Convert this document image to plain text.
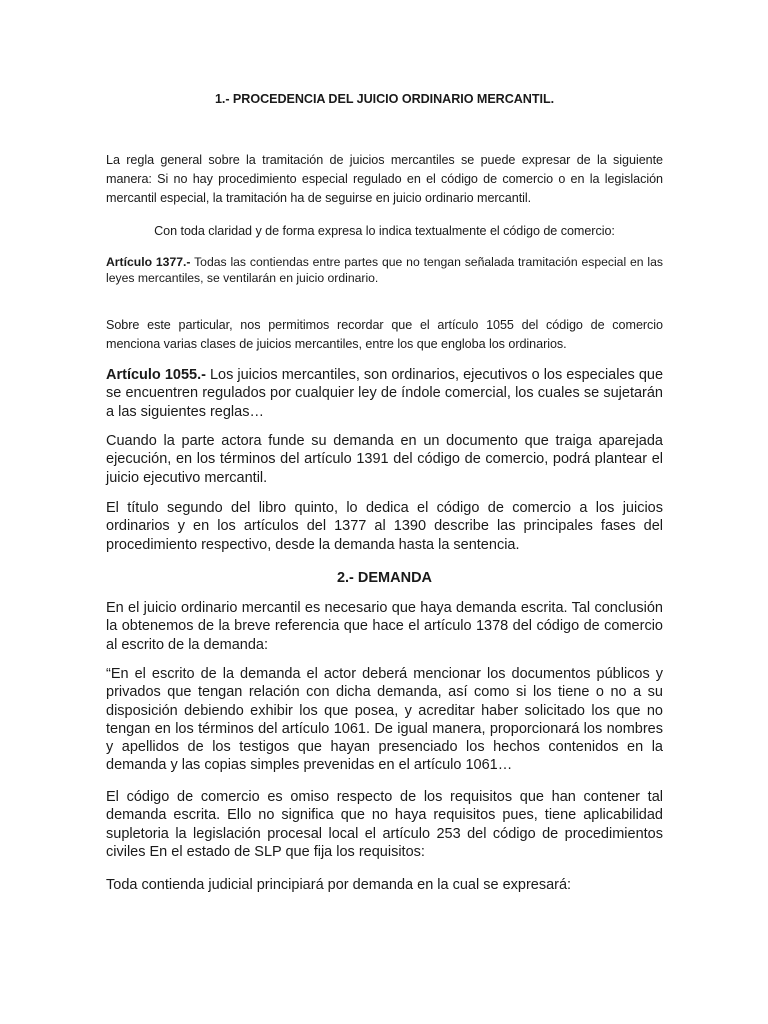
1.- PROCEDENCIA DEL JUICIO ORDINARIO MERCANTIL.

La regla general sobre la tramitación de juicios mercantiles se puede expresar de la siguiente manera: Si no hay procedimiento especial regulado en el código de comercio o en la legislación mercantil especial, la tramitación ha de seguirse en juicio ordinario mercantil.

Con toda claridad y de forma expresa lo indica textualmente el código de comercio:

Artículo 1377.- Todas las contiendas entre partes que no tengan señalada tramitación especial en las leyes mercantiles, se ventilarán en juicio ordinario.

Sobre este particular, nos permitimos recordar que el artículo 1055 del código de comercio menciona varias clases de juicios mercantiles, entre los que engloba los ordinarios.

Artículo 1055.- Los juicios mercantiles, son ordinarios, ejecutivos o los especiales que se encuentren regulados por cualquier ley de índole comercial, los cuales se sujetarán a las siguientes reglas…

Cuando la parte actora funde su demanda en un documento que traiga aparejada ejecución, en los términos del artículo 1391 del código de comercio, podrá plantear el juicio ejecutivo mercantil.

El título segundo del libro quinto, lo dedica el código de comercio a los juicios ordinarios y en los artículos del 1377 al 1390 describe las principales fases del procedimiento respectivo, desde la demanda hasta la sentencia.

2.- DEMANDA

En el juicio ordinario mercantil es necesario que haya demanda escrita. Tal conclusión la obtenemos de la breve referencia que hace el artículo 1378 del código de comercio al escrito de la demanda:

“En el escrito de la demanda el actor deberá mencionar los documentos públicos y privados que tengan relación con dicha demanda, así como si los tiene o no a su disposición debiendo exhibir los que posea, y acreditar haber solicitado los que no tengan en los términos del artículo 1061. De igual manera, proporcionará los nombres y apellidos de los testigos que hayan presenciado los hechos contenidos en la demanda y las copias simples prevenidas en el artículo 1061…

El código de comercio es omiso respecto de los requisitos que han contener tal demanda escrita. Ello no significa que no haya requisitos pues, tiene aplicabilidad supletoria la legislación procesal local el artículo 253 del código de procedimientos civiles En el estado de SLP que fija los requisitos:

Toda contienda judicial principiará por demanda en la cual se expresará:
